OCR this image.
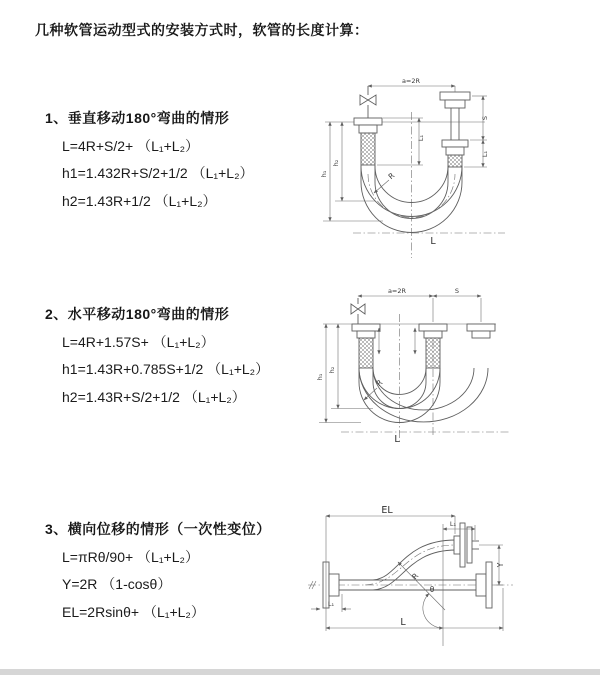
几种软管运动型式的安装方式时，软管的长度计算：
1、垂直移动180°弯曲的情形
L=4R+S/2+ （L₁+L₂）
h1=1.432R+S/2+1/2 （L₁+L₂）
h2=1.43R+1/2 （L₁+L₂）
2、水平移动180°弯曲的情形
L=4R+1.57S+ （L₁+L₂）
h1=1.43R+0.785S+1/2 （L₁+L₂）
h2=1.43R+S/2+1/2 （L₁+L₂）
3、横向位移的情形（一次性变位）
L=πRθ/90+ （L₁+L₂）
Y=2R （1-cosθ）
EL=2Rsinθ+ （L₁+L₂）
a=2R
h₁
h₂
S
L₁
L₁
R
L
a=2R	S
h₁
h₂
R
L
EL
L₁
Y
R
θ
L₁
L
